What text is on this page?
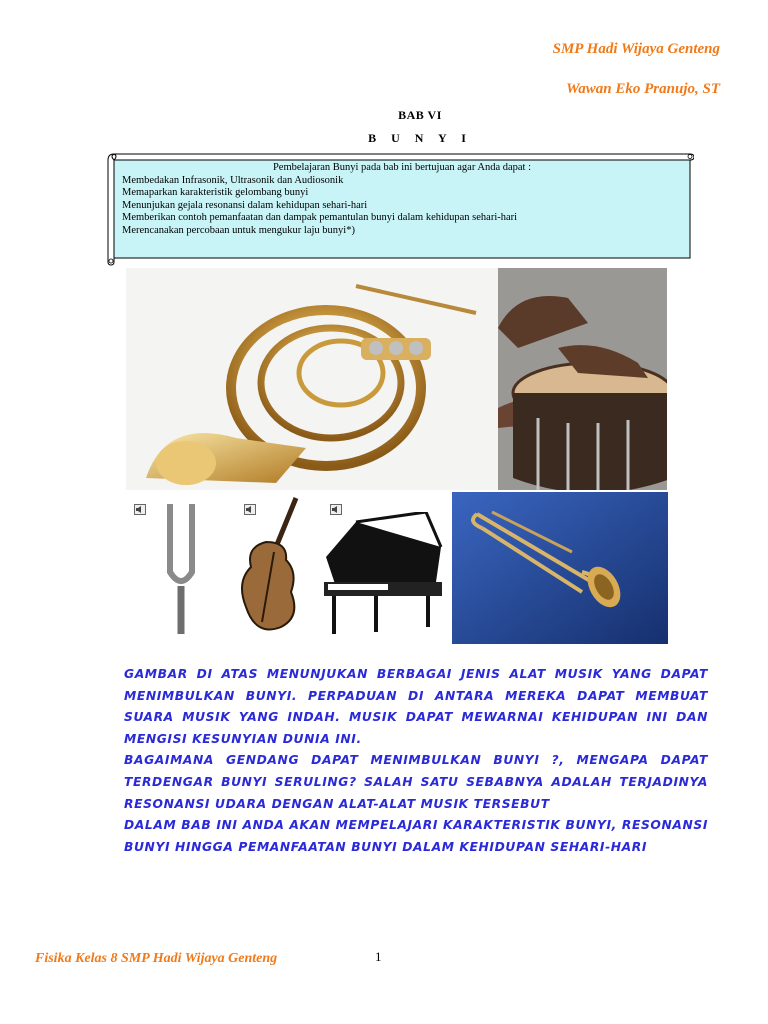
SMP Hadi Wijaya Genteng
Wawan Eko Pranujo, ST
BAB VI
B U N Y I
Pembelajaran Bunyi pada bab ini bertujuan agar Anda dapat :
Membedakan Infrasonik, Ultrasonik dan Audiosonik
Memaparkan karakteristik gelombang bunyi
Menunjukan gejala resonansi dalam kehidupan sehari-hari
Memberikan contoh pemanfaatan dan dampak pemantulan bunyi dalam kehidupan sehari-hari
Merencanakan percobaan untuk mengukur laju bunyi*)

GAMBAR DI ATAS MENUNJUKAN BERBAGAI JENIS ALAT MUSIK YANG DAPAT MENIMBULKAN BUNYI. PERPADUAN DI ANTARA MEREKA DAPAT MEMBUAT SUARA MUSIK YANG INDAH. MUSIK DAPAT MEWARNAI KEHIDUPAN INI DAN MENGISI KESUNYIAN DUNIA INI.

BAGAIMANA GENDANG DAPAT MENIMBULKAN BUNYI ?, MENGAPA DAPAT TERDENGAR BUNYI SERULING? SALAH SATU SEBABNYA ADALAH TERJADINYA RESONANSI UDARA DENGAN ALAT-ALAT MUSIK TERSEBUT

DALAM BAB INI ANDA AKAN MEMPELAJARI KARAKTERISTIK BUNYI, RESONANSI BUNYI HINGGA PEMANFAATAN BUNYI DALAM KEHIDUPAN SEHARI-HARI

Fisika Kelas 8 SMP Hadi Wijaya Genteng	1
